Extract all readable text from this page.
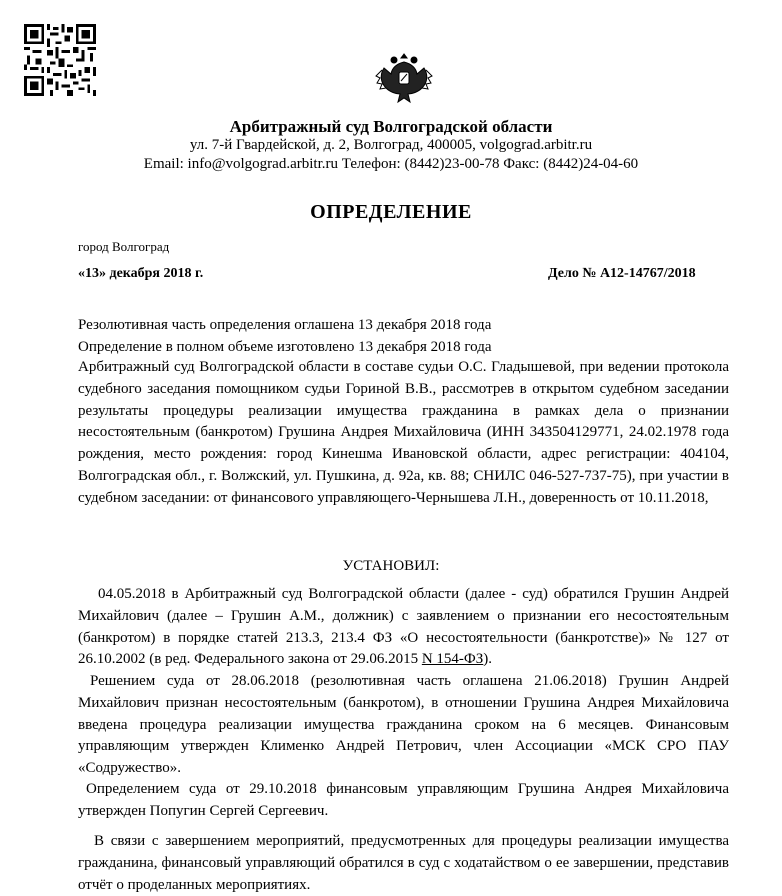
Арбитражный суд Волгоградской области
ул. 7-й Гвардейской, д. 2, Волгоград, 400005, volgograd.arbitr.ru
Email: info@volgograd.arbitr.ru Телефон: (8442)23-00-78 Факс: (8442)24-04-60
ОПРЕДЕЛЕНИЕ
город Волгоград
«13» декабря 2018 г.	Дело № А12-14767/2018
Резолютивная часть определения оглашена 13 декабря 2018 года
Определение в полном объеме изготовлено 13 декабря 2018 года
Арбитражный суд Волгоградской области в составе судьи О.С. Гладышевой, при ведении протокола судебного заседания помощником судьи Гориной В.В., рассмотрев в открытом судебном заседании результаты процедуры реализации имущества гражданина в рамках дела о признании несостоятельным (банкротом) Грушина Андрея Михайловича (ИНН 343504129771, 24.02.1978 года рождения, место рождения: город Кинешма Ивановской области, адрес регистрации: 404104, Волгоградская обл., г. Волжский, ул. Пушкина, д. 92а, кв. 88; СНИЛС 046-527-737-75), при участии в судебном заседании: от финансового управляющего-Чернышева Л.Н., доверенность от 10.11.2018,
УСТАНОВИЛ:
04.05.2018 в Арбитражный суд Волгоградской области (далее - суд) обратился Грушин Андрей Михайлович (далее – Грушин А.М., должник) с заявлением о признании его несостоятельным (банкротом) в порядке статей 213.3, 213.4 ФЗ «О несостоятельности (банкротстве)» № 127 от 26.10.2002 (в ред. Федерального закона от 29.06.2015 N 154-ФЗ).
Решением суда от 28.06.2018 (резолютивная часть оглашена 21.06.2018) Грушин Андрей Михайлович признан несостоятельным (банкротом), в отношении Грушина Андрея Михайловича введена процедура реализации имущества гражданина сроком на 6 месяцев. Финансовым управляющим утвержден Клименко Андрей Петрович, член Ассоциации «МСК СРО ПАУ «Содружество».
Определением суда от 29.10.2018 финансовым управляющим Грушина Андрея Михайловича утвержден Попугин Сергей Сергеевич.
В связи с завершением мероприятий, предусмотренных для процедуры реализации имущества гражданина, финансовый управляющий обратился в суд с ходатайством о ее завершении, представив отчёт о проделанных мероприятиях.
